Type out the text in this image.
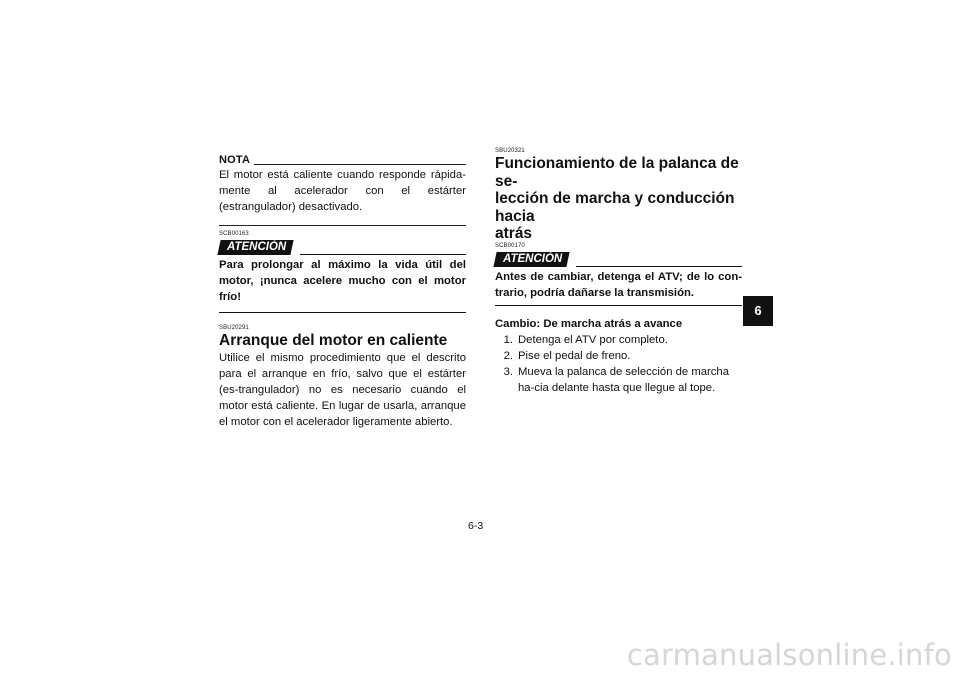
NOTA

El motor está caliente cuando responde rápida-mente al acelerador con el estárter (estrangulador) desactivado.

SCB00163
ATENCIÓN

Para prolongar al máximo la vida útil del motor, ¡nunca acelere mucho con el motor frío!

SBU20291
Arranque del motor en caliente

Utilice el mismo procedimiento que el descrito para el arranque en frío, salvo que el estárter (es-trangulador) no es necesario cuando el motor está caliente. En lugar de usarla, arranque el motor con el acelerador ligeramente abierto.

SBU20321
Funcionamiento de la palanca de se-
lección de marcha y conducción hacia
atrás
SCB00170
ATENCIÓN

Antes de cambiar, detenga el ATV; de lo con-trario, podría dañarse la transmisión.

Cambio: De marcha atrás a avance

1. Detenga el ATV por completo.
2. Pise el pedal de freno.
3. Mueva la palanca de selección de marcha ha-cia delante hasta que llegue al tope.
6
6-3
carmanualsonline.info
